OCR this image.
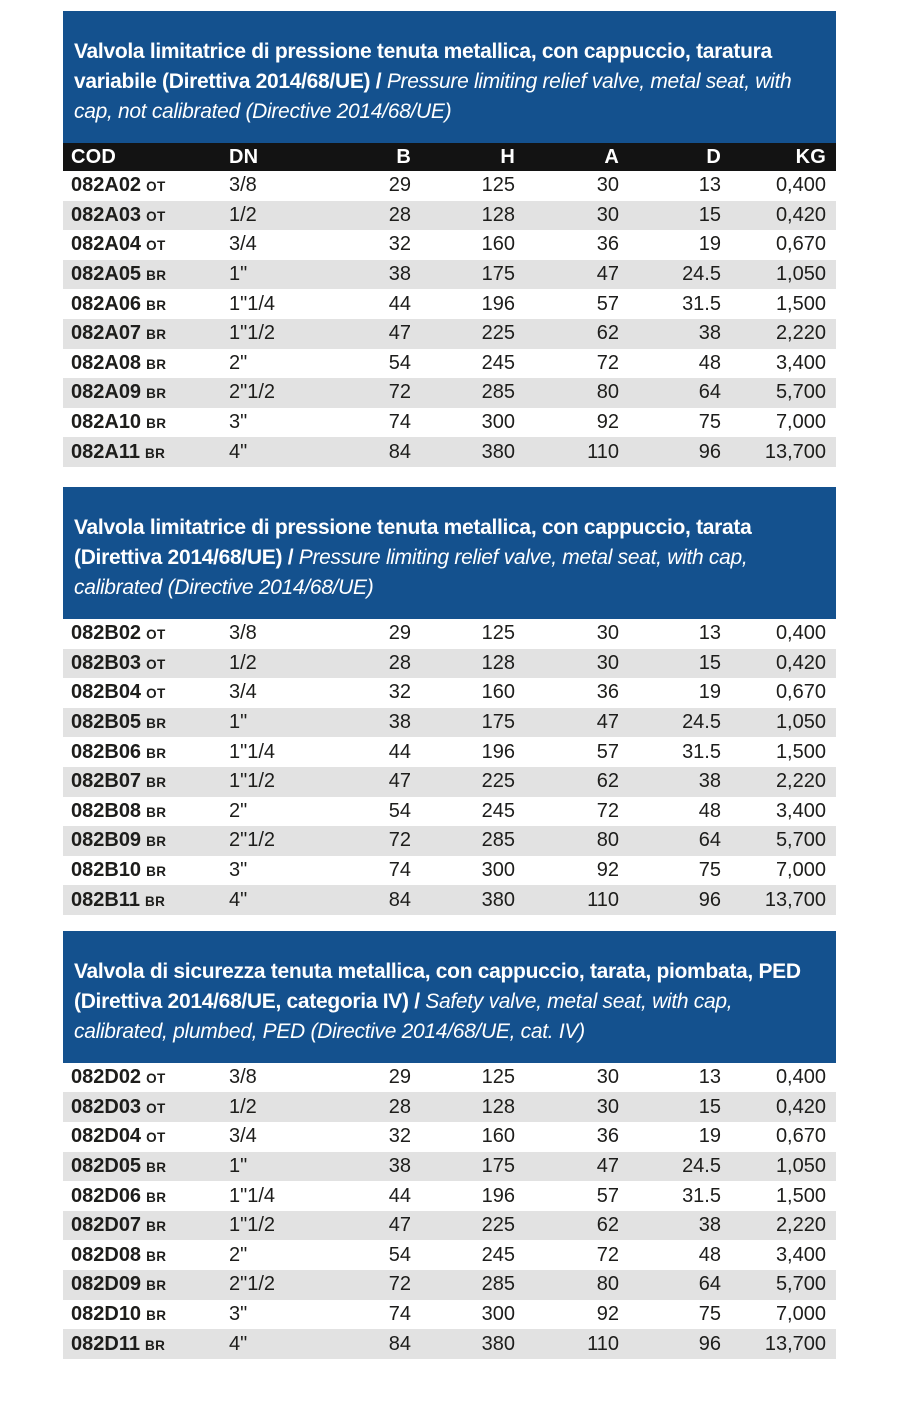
Valvola limitatrice di pressione tenuta metallica, con cappuccio, taratura variabile (Direttiva 2014/68/UE) / Pressure limiting relief valve, metal seat, with cap, not calibrated (Directive 2014/68/UE)
COD	DN	B	H	A	D	KG
082A02 OT	3/8	29	125	30	13	0,400
082A03 OT	1/2	28	128	30	15	0,420
082A04 OT	3/4	32	160	36	19	0,670
082A05 BR	1"	38	175	47	24.5	1,050
082A06 BR	1"1/4	44	196	57	31.5	1,500
082A07 BR	1"1/2	47	225	62	38	2,220
082A08 BR	2"	54	245	72	48	3,400
082A09 BR	2"1/2	72	285	80	64	5,700
082A10 BR	3"	74	300	92	75	7,000
082A11 BR	4"	84	380	110	96	13,700
Valvola limitatrice di pressione tenuta metallica, con cappuccio, tarata (Direttiva 2014/68/UE) / Pressure limiting relief valve, metal seat, with cap, calibrated (Directive 2014/68/UE)
082B02 OT	3/8	29	125	30	13	0,400
082B03 OT	1/2	28	128	30	15	0,420
082B04 OT	3/4	32	160	36	19	0,670
082B05 BR	1"	38	175	47	24.5	1,050
082B06 BR	1"1/4	44	196	57	31.5	1,500
082B07 BR	1"1/2	47	225	62	38	2,220
082B08 BR	2"	54	245	72	48	3,400
082B09 BR	2"1/2	72	285	80	64	5,700
082B10 BR	3"	74	300	92	75	7,000
082B11 BR	4"	84	380	110	96	13,700
Valvola di sicurezza tenuta metallica, con cappuccio, tarata, piombata, PED (Direttiva 2014/68/UE, categoria IV) / Safety valve, metal seat, with cap, calibrated, plumbed, PED (Directive 2014/68/UE, cat. IV)
082D02 OT	3/8	29	125	30	13	0,400
082D03 OT	1/2	28	128	30	15	0,420
082D04 OT	3/4	32	160	36	19	0,670
082D05 BR	1"	38	175	47	24.5	1,050
082D06 BR	1"1/4	44	196	57	31.5	1,500
082D07 BR	1"1/2	47	225	62	38	2,220
082D08 BR	2"	54	245	72	48	3,400
082D09 BR	2"1/2	72	285	80	64	5,700
082D10 BR	3"	74	300	92	75	7,000
082D11 BR	4"	84	380	110	96	13,700
